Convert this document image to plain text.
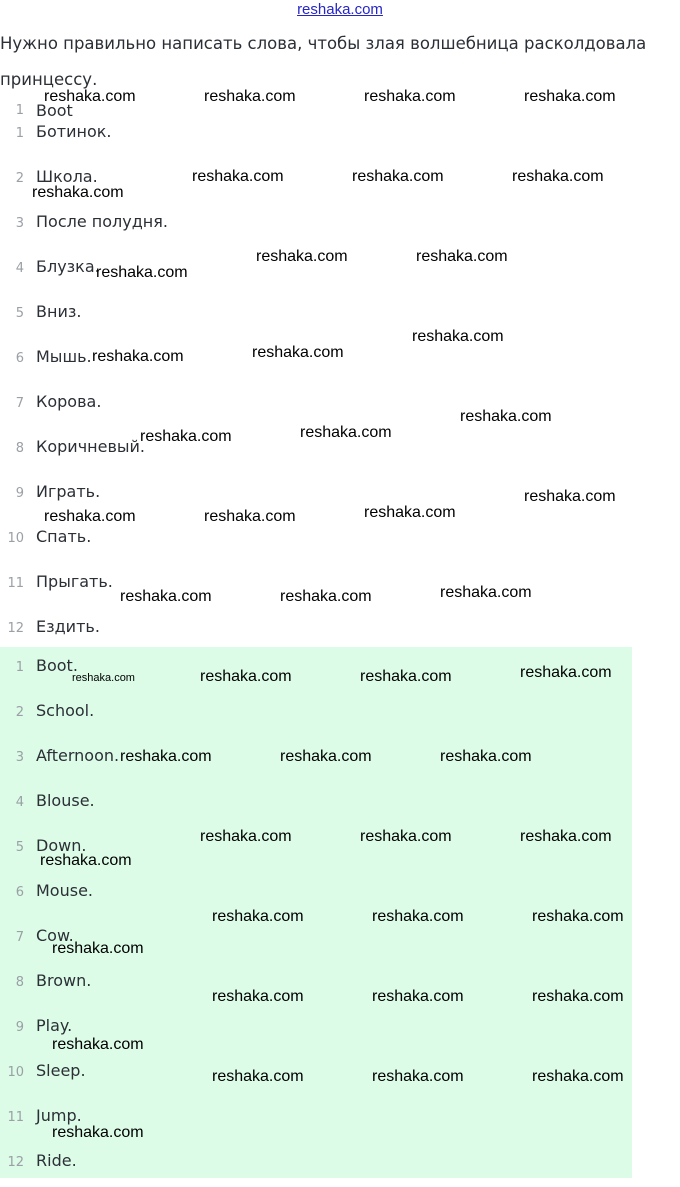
reshaka.com
Нужно правильно написать слова, чтобы злая волшебница расколдовала принцессу.
1 Boot
1 Ботинок.
2 Школа.
3 После полудня.
4 Блузка.
5 Вниз.
6 Мышь.
7 Корова.
8 Коричневый.
9 Играть.
10 Спать.
11 Прыгать.
12 Ездить.
1 Boot.
2 School.
3 Afternoon.
4 Blouse.
5 Down.
6 Mouse.
7 Cow.
8 Brown.
9 Play.
10 Sleep.
11 Jump.
12 Ride.
reshaka.com	reshaka.com	reshaka.com	reshaka.com
reshaka.com	reshaka.com	reshaka.com
reshaka.com
reshaka.com	reshaka.com
reshaka.com
reshaka.com
reshaka.com
reshaka.com
reshaka.com
reshaka.com
reshaka.com
reshaka.com
reshaka.com
reshaka.com	reshaka.com
reshaka.com
reshaka.com	reshaka.com
reshaka.com
reshaka.com	reshaka.com
reshaka.com
reshaka.com	reshaka.com	reshaka.com
reshaka.com	reshaka.com	reshaka.com
reshaka.com
reshaka.com	reshaka.com	reshaka.com
reshaka.com
reshaka.com	reshaka.com	reshaka.com
reshaka.com
reshaka.com	reshaka.com	reshaka.com
reshaka.com
